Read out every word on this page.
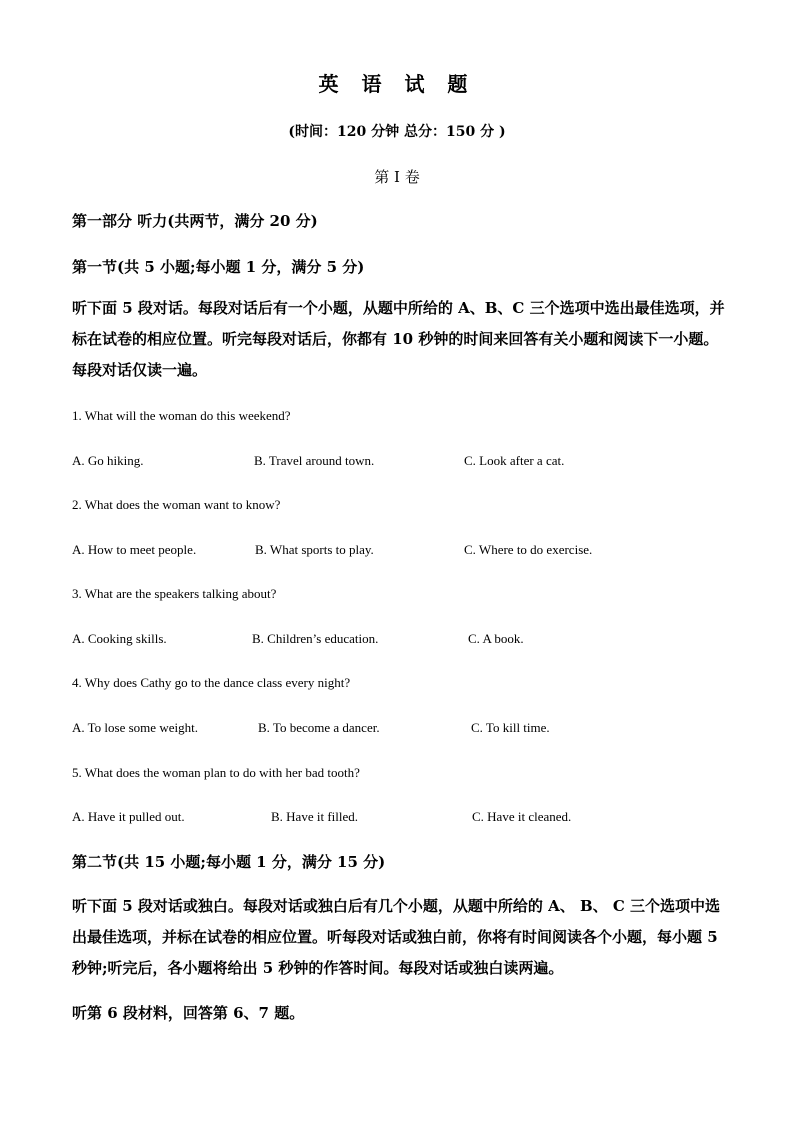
英 语 试 题
(时间：120 分钟 总分：150 分 )
第 I 卷
第一部分 听力(共两节，满分 20 分)
第一节(共 5 小题;每小题 1 分，满分 5 分)
听下面 5 段对话。每段对话后有一个小题，从题中所给的 A、B、C 三个选项中选出最佳选项，并标在试卷的相应位置。听完每段对话后，你都有 10 秒钟的时间来回答有关小题和阅读下一小题。每段对话仅读一遍。
1. What will the woman do this weekend?
A. Go hiking.	B. Travel around town.	C. Look after a cat.
2. What does the woman want to know?
A. How to meet people.	B. What sports to play.	C. Where to do exercise.
3. What are the speakers talking about?
A. Cooking skills.	B. Children’s education.	C. A book.
4. Why does Cathy go to the dance class every night?
A. To lose some weight.	B. To become a dancer.	C. To kill time.
5. What does the woman plan to do with her bad tooth?
A. Have it pulled out.	B. Have it filled.	C. Have it cleaned.
第二节(共 15 小题;每小题 1 分，满分 15 分)
听下面 5 段对话或独白。每段对话或独白后有几个小题，从题中所给的 A、 B、 C 三个选项中选出最佳选项，并标在试卷的相应位置。听每段对话或独白前，你将有时间阅读各个小题，每小题 5 秒钟;听完后，各小题将给出 5 秒钟的作答时间。每段对话或独白读两遍。
听第 6 段材料，回答第 6、7 题。
